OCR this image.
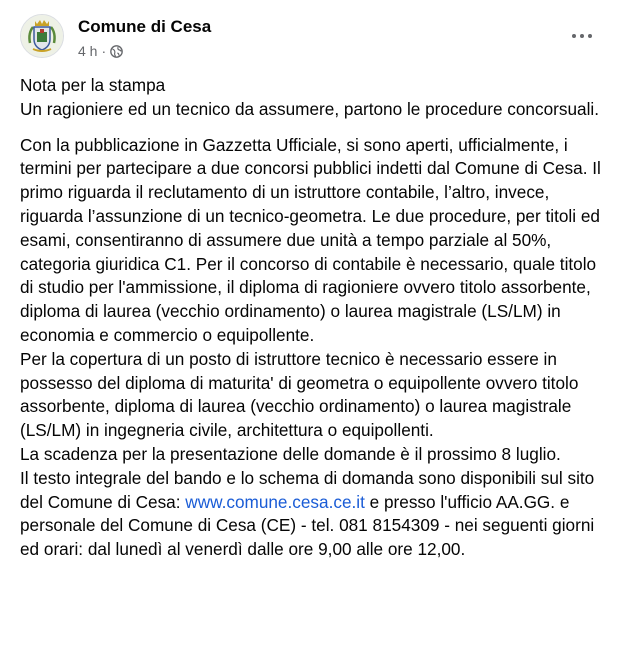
Comune di Cesa
4 h ·

Nota per la stampa
Un ragioniere ed un tecnico da assumere, partono le procedure concorsuali.

Con la pubblicazione in Gazzetta Ufficiale, si sono aperti, ufficialmente, i termini per partecipare a due concorsi pubblici indetti dal Comune di Cesa. Il primo riguarda il reclutamento di un istruttore contabile, l’altro, invece, riguarda l’assunzione di un tecnico-geometra. Le due procedure, per titoli ed esami, consentiranno di assumere due unità a tempo parziale al 50%, categoria giuridica C1. Per il concorso di contabile è necessario, quale titolo di studio per l'ammissione, il diploma di ragioniere ovvero titolo assorbente, diploma di laurea (vecchio ordinamento) o laurea magistrale (LS/LM) in economia e commercio o equipollente.
Per la copertura di un posto di istruttore tecnico è necessario essere in possesso del diploma di maturita' di geometra o equipollente ovvero titolo assorbente, diploma di laurea (vecchio ordinamento) o laurea magistrale (LS/LM) in ingegneria civile, architettura o equipollenti.
La scadenza per la presentazione delle domande è il prossimo 8 luglio.
Il testo integrale del bando e lo schema di domanda sono disponibili sul sito del Comune di Cesa: www.comune.cesa.ce.it e presso l'ufficio AA.GG. e personale del Comune di Cesa (CE) - tel. 081 8154309 - nei seguenti giorni ed orari: dal lunedì al venerdì dalle ore 9,00 alle ore 12,00.
